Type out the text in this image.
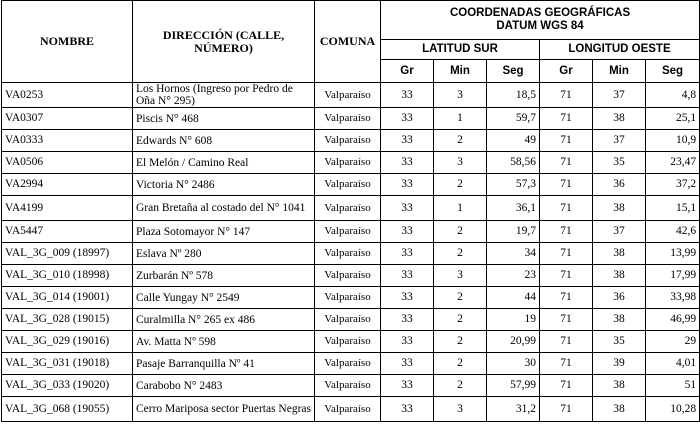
NOMBRE	DIRECCIÓN (CALLE, NÚMERO)	COMUNA	COORDENADAS GEOGRÁFICAS
DATUM WGS 84					
			LATITUD SUR			LONGITUD OESTE		
			Gr	Min	Seg	Gr	Min	Seg
VA0253	Los Hornos (Ingreso por Pedro de Oña N° 295)	Valparaíso	33	3	18,5	71	37	4,8
VA0307	Piscis N° 468	Valparaíso	33	1	59,7	71	38	25,1
VA0333	Edwards N° 608	Valparaíso	33	2	49	71	37	10,9
VA0506	El Melón / Camino Real	Valparaíso	33	3	58,56	71	35	23,47
VA2994	Victoria N° 2486	Valparaíso	33	2	57,3	71	36	37,2
VA4199	Gran Bretaña al costado del N° 1041	Valparaíso	33	1	36,1	71	38	15,1
VA5447	Plaza Sotomayor N° 147	Valparaíso	33	2	19,7	71	37	42,6
VAL_3G_009 (18997)	Eslava Nº 280	Valparaíso	33	2	34	71	38	13,99
VAL_3G_010 (18998)	Zurbarán Nº 578	Valparaíso	33	3	23	71	38	17,99
VAL_3G_014 (19001)	Calle Yungay N° 2549	Valparaíso	33	2	44	71	36	33,98
VAL_3G_028 (19015)	Curalmilla N° 265 ex 486	Valparaíso	33	2	19	71	38	46,99
VAL_3G_029 (19016)	Av. Matta Nº 598	Valparaíso	33	2	20,99	71	35	29
VAL_3G_031 (19018)	Pasaje Barranquilla Nº 41	Valparaíso	33	2	30	71	39	4,01
VAL_3G_033 (19020)	Carabobo N° 2483	Valparaíso	33	2	57,99	71	38	51
VAL_3G_068 (19055)	Cerro Mariposa sector Puertas Negras	Valparaíso	33	3	31,2	71	38	10,28
